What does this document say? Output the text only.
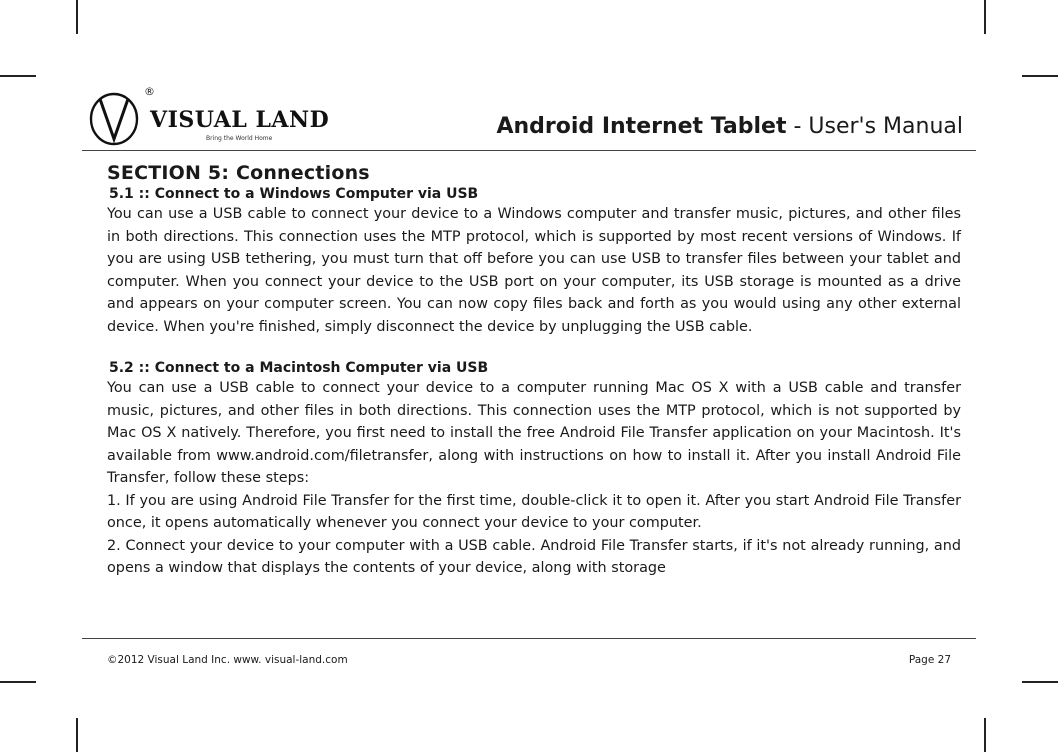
®
VISUAL LAND
Bring the World Home	Android Internet Tablet - User's Manual
SECTION 5: Connections
5.1 :: Connect to a Windows Computer via USB

You can use a USB cable to connect your device to a Windows computer and transfer music, pictures, and other files in both directions. This connection uses the MTP protocol, which is supported by most recent versions of Windows. If you are using USB tethering, you must turn that off before you can use USB to transfer files between your tablet and computer. When you connect your device to the USB port on your computer, its USB storage is mounted as a drive and appears on your computer screen. You can now copy files back and forth as you would using any other external device. When you're finished, simply disconnect the device by unplugging the USB cable.

5.2 :: Connect to a Macintosh Computer via USB

You can use a USB cable to connect your device to a computer running Mac OS X with a USB cable and transfer music, pictures, and other files in both directions. This connection uses the MTP protocol, which is not supported by Mac OS X natively. Therefore, you first need to install the free Android File Transfer application on your Macintosh. It's available from www.android.com/filetransfer, along with instructions on how to install it. After you install Android File Transfer, follow these steps:

1. If you are using Android File Transfer for the first time, double-click it to open it. After you start Android File Transfer once, it opens automatically whenever you connect your device to your computer.

2. Connect your device to your computer with a USB cable. Android File Transfer starts, if it's not already running, and opens a window that displays the contents of your device, along with storage

©2012 Visual Land Inc. www. visual-land.com	Page 27
